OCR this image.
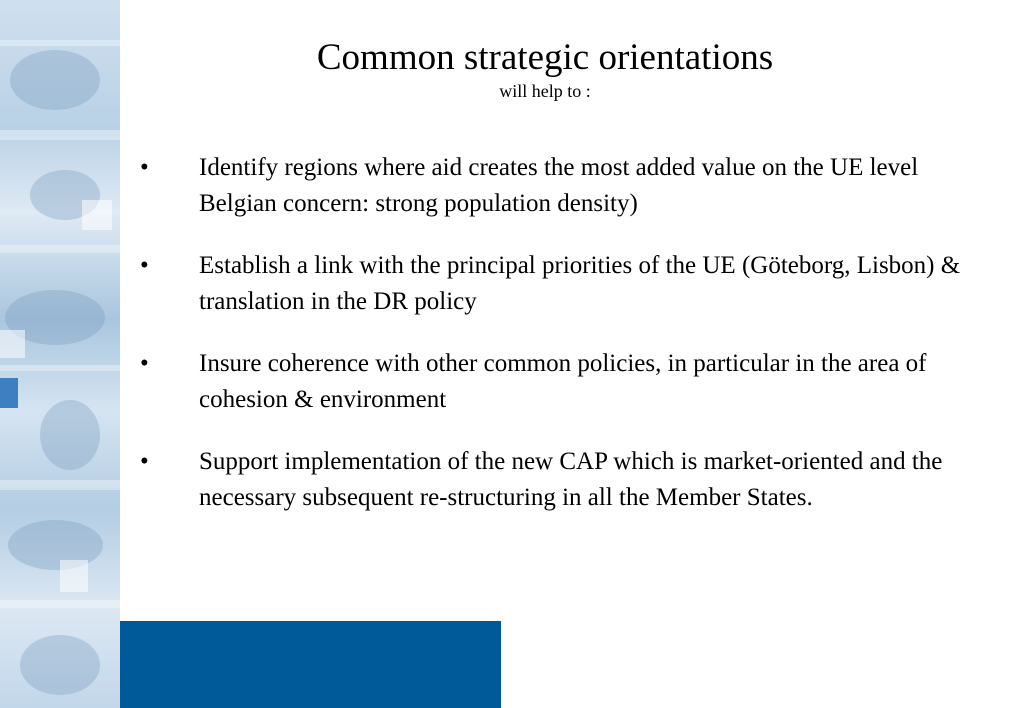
Common strategic orientations

will help to :

•	Identify regions where aid creates the most added value on the UE level Belgian concern: strong population density)
•	Establish a link with the principal priorities of the UE (Göteborg, Lisbon) & translation in the DR policy
•	Insure coherence with other common policies, in particular in the area of cohesion & environment
•	Support implementation of the new CAP which is market-oriented and the necessary subsequent re-structuring in all the Member States.
